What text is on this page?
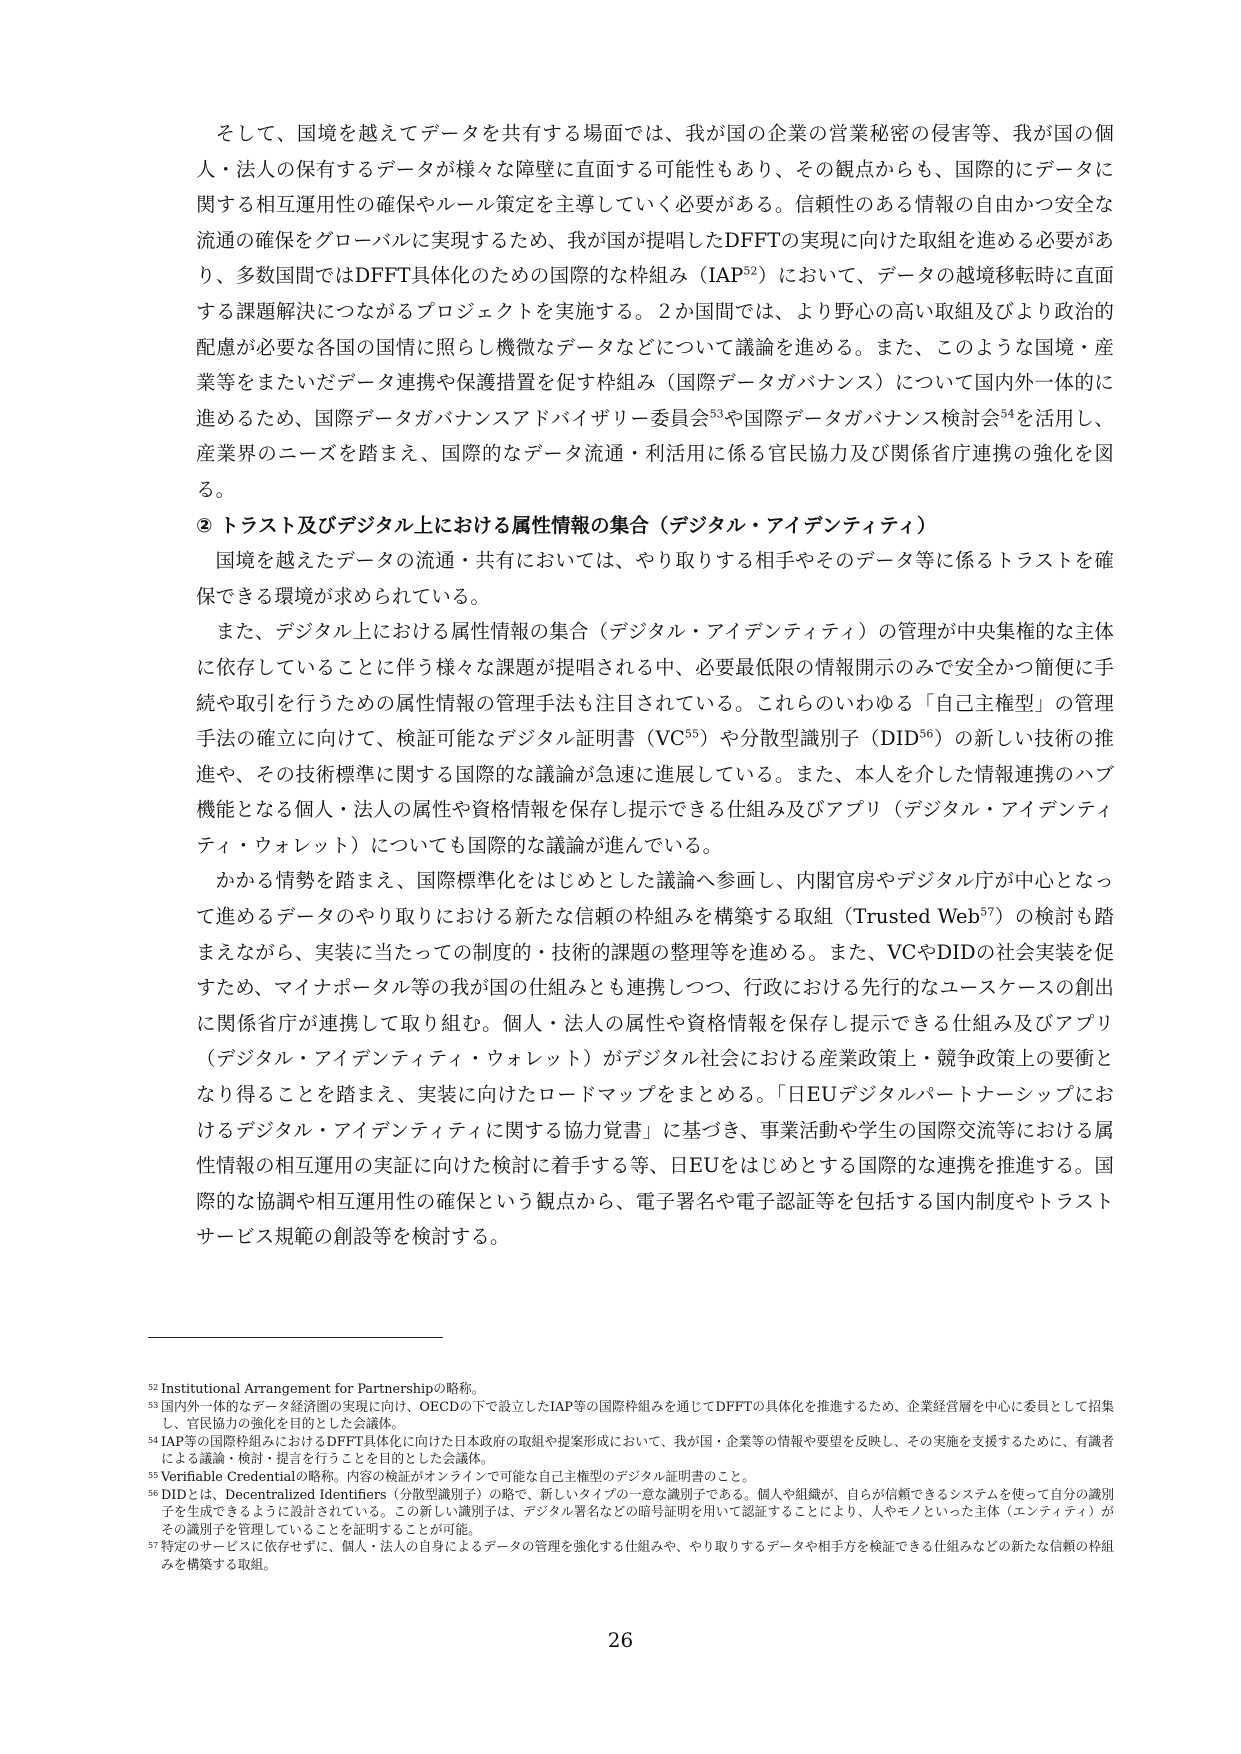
そして、国境を越えてデータを共有する場面では、我が国の企業の営業秘密の侵害等、我が国の個人・法人の保有するデータが様々な障壁に直面する可能性もあり、その観点からも、国際的にデータに関する相互運用性の確保やルール策定を主導していく必要がある。信頼性のある情報の自由かつ安全な流通の確保をグローバルに実現するため、我が国が提唱したDFFTの実現に向けた取組を進める必要があり、多数国間ではDFFT具体化のための国際的な枠組み（IAP$^{52}$）において、データの越境移転時に直面する課題解決につながるプロジェクトを実施する。２か国間では、より野心の高い取組及びより政治的配慮が必要な各国の国情に照らし機微なデータなどについて議論を進める。また、このような国境・産業等をまたいだデータ連携や保護措置を促す枠組み（国際データガバナンス）について国内外一体的に進めるため、国際データガバナンスアドバイザリー委員会$^{53}$や国際データガバナンス検討会$^{54}$を活用し、産業界のニーズを踏まえ、国際的なデータ流通・利活用に係る官民協力及び関係省庁連携の強化を図る。

② トラスト及びデジタル上における属性情報の集合（デジタル・アイデンティティ）

国境を越えたデータの流通・共有においては、やり取りする相手やそのデータ等に係るトラストを確保できる環境が求められている。

また、デジタル上における属性情報の集合（デジタル・アイデンティティ）の管理が中央集権的な主体に依存していることに伴う様々な課題が提唱される中、必要最低限の情報開示のみで安全かつ簡便に手続や取引を行うための属性情報の管理手法も注目されている。これらのいわゆる「自己主権型」の管理手法の確立に向けて、検証可能なデジタル証明書（VC$^{55}$）や分散型識別子（DID$^{56}$）の新しい技術の推進や、その技術標準に関する国際的な議論が急速に進展している。また、本人を介した情報連携のハブ機能となる個人・法人の属性や資格情報を保存し提示できる仕組み及びアプリ（デジタル・アイデンティティ・ウォレット）についても国際的な議論が進んでいる。

かかる情勢を踏まえ、国際標準化をはじめとした議論へ参画し、内閣官房やデジタル庁が中心となって進めるデータのやり取りにおける新たな信頼の枠組みを構築する取組（Trusted Web$^{57}$）の検討も踏まえながら、実装に当たっての制度的・技術的課題の整理等を進める。また、VCやDIDの社会実装を促すため、マイナポータル等の我が国の仕組みとも連携しつつ、行政における先行的なユースケースの創出に関係省庁が連携して取り組む。個人・法人の属性や資格情報を保存し提示できる仕組み及びアプリ（デジタル・アイデンティティ・ウォレット）がデジタル社会における産業政策上・競争政策上の要衝となり得ることを踏まえ、実装に向けたロードマップをまとめる。「日EUデジタルパートナーシップにおけるデジタル・アイデンティティに関する協力覚書」に基づき、事業活動や学生の国際交流等における属性情報の相互運用の実証に向けた検討に着手する等、日EUをはじめとする国際的な連携を推進する。国際的な協調や相互運用性の確保という観点から、電子署名や電子認証等を包括する国内制度やトラストサービス規範の創設等を検討する。

52 Institutional Arrangement for Partnershipの略称。
53 国内外一体的なデータ経済圏の実現に向け、OECDの下で設立したIAP等の国際枠組みを通じてDFFTの具体化を推進するため、企業経営層を中心に委員として招集し、官民協力の強化を目的とした会議体。
54 IAP等の国際枠組みにおけるDFFT具体化に向けた日本政府の取組や提案形成において、我が国・企業等の情報や要望を反映し、その実施を支援するために、有識者による議論・検討・提言を行うことを目的とした会議体。
55 Verifiable Credentialの略称。内容の検証がオンラインで可能な自己主権型のデジタル証明書のこと。
56 DIDとは、Decentralized Identifiers（分散型識別子）の略で、新しいタイプの一意な識別子である。個人や組織が、自らが信頼できるシステムを使って自分の識別子を生成できるように設計されている。この新しい識別子は、デジタル署名などの暗号証明を用いて認証することにより、人やモノといった主体（エンティティ）がその識別子を管理していることを証明することが可能。
57 特定のサービスに依存せずに、個人・法人の自身によるデータの管理を強化する仕組みや、やり取りするデータや相手方を検証できる仕組みなどの新たな信頼の枠組みを構築する取組。
26
